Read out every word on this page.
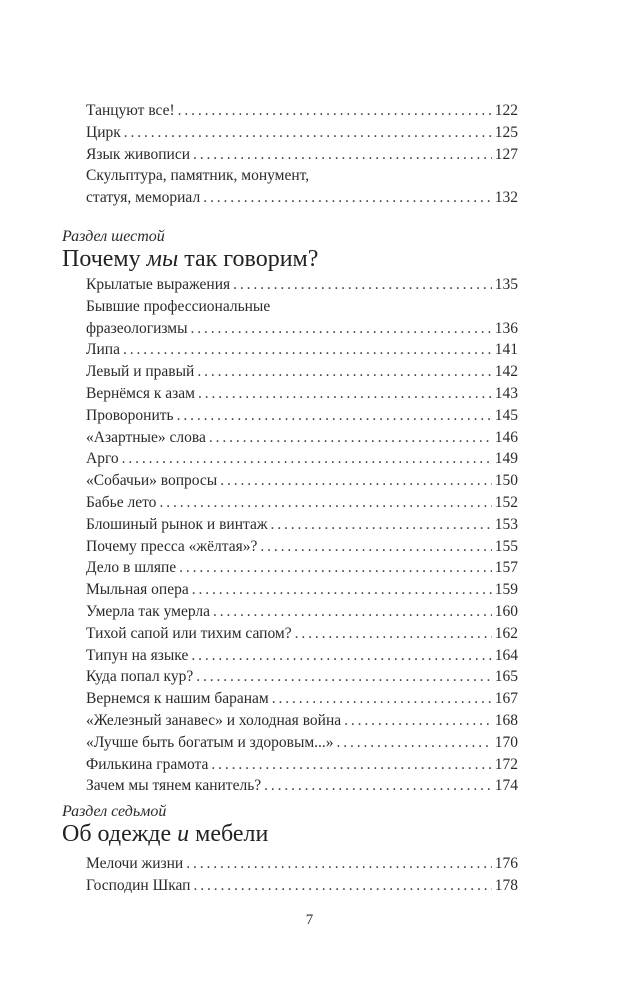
Танцуют все! . . .	122
Цирк . . .	125
Язык живописи . . .	127
Скульптура, памятник, монумент,
статуя, мемориал . . .	132
Раздел шестой
Почему мы так говорим?
Крылатые выражения . . .	135
Бывшие профессиональные
фразеологизмы . . .	136
Липа . . .	141
Левый и правый . . .	142
Вернёмся к азам . . .	143
Проворонить . . .	145
«Азартные» слова . . .	146
Арго . . .	149
«Собачьи» вопросы . . .	150
Бабье лето . . .	152
Блошиный рынок и винтаж . . .	153
Почему пресса «жёлтая»? . . .	155
Дело в шляпе . . .	157
Мыльная опера . . .	159
Умерла так умерла . . .	160
Тихой сапой или тихим сапом? . . .	162
Типун на языке . . .	164
Куда попал кур? . . .	165
Вернемся к нашим баранам . . .	167
«Железный занавес» и холодная война . . .	168
«Лучше быть богатым и здоровым...» . . .	170
Филькина грамота . . .	172
Зачем мы тянем канитель? . . .	174
Раздел седьмой
Об одежде и мебели
Мелочи жизни . . .	176
Господин Шкап . . .	178
7
